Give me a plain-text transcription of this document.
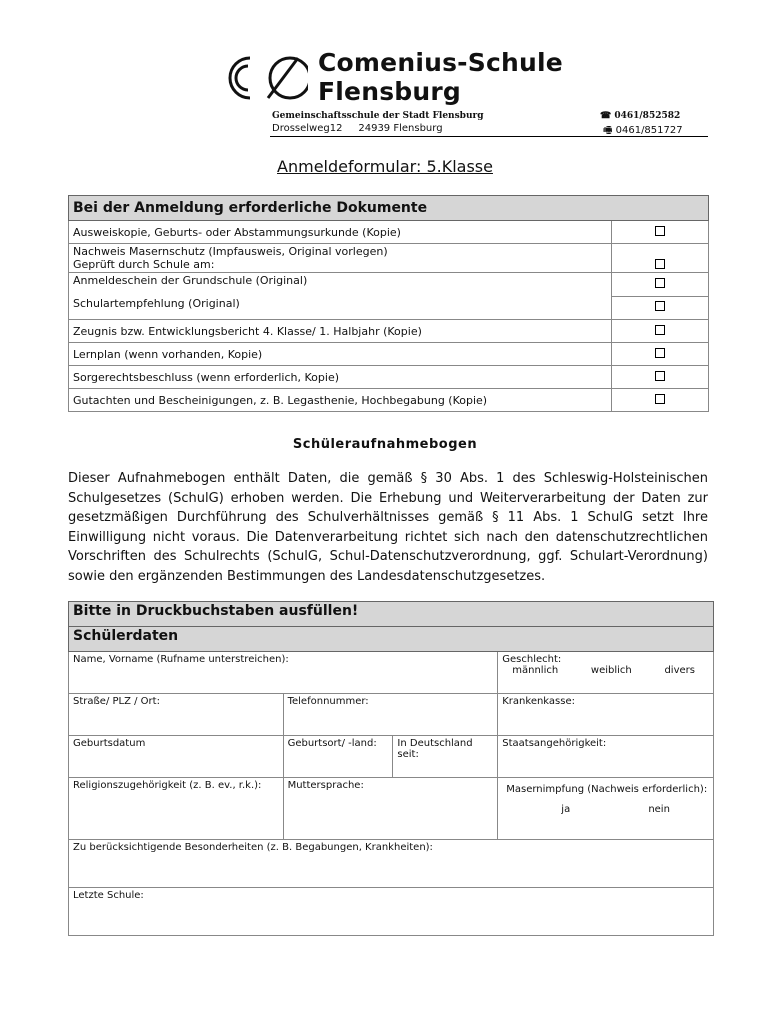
Comenius-Schule
Flensburg
Gemeinschaftsschule der Stadt Flensburg
Drosselweg12     24939 Flensburg
☎ 0461/852582
🖷 0461/851727
Anmeldeformular: 5.Klasse
Bei der Anmeldung erforderliche Dokumente	
Ausweiskopie, Geburts- oder Abstammungsurkunde (Kopie)	

Nachweis Masernschutz (Impfausweis, Original vorlegen)
Geprüft durch Schule am:	

Anmeldeschein der Grundschule (Original)
Schulartempfehlung (Original)	

Zeugnis bzw. Entwicklungsbericht 4. Klasse/ 1. Halbjahr (Kopie)	
Lernplan (wenn vorhanden, Kopie)	
Sorgerechtsbeschluss (wenn erforderlich, Kopie)	
Gutachten und Bescheinigungen, z. B. Legasthenie, Hochbegabung (Kopie)	
Schüleraufnahmebogen
Dieser Aufnahmebogen enthält Daten, die gemäß § 30 Abs. 1 des Schleswig-Holsteinischen Schulgesetzes (SchulG) erhoben werden. Die Erhebung und Weiterverarbeitung der Daten zur gesetzmäßigen Durchführung des Schulverhältnisses gemäß § 11 Abs. 1 SchulG setzt Ihre Einwilligung nicht voraus. Die Datenverarbeitung richtet sich nach den datenschutzrechtlichen Vorschriften des Schulrechts (SchulG, Schul-Datenschutzverordnung, ggf. Schulart-Verordnung) sowie den ergänzenden Bestimmungen des Landesdatenschutzgesetzes.
Bitte in Druckbuchstaben ausfüllen!			
Schülerdaten			
Name, Vorname (Rufname unterstreichen):			Geschlecht:
männlich weiblich divers

Straße/ PLZ / Ort:	Telefonnummer:		Krankenkasse:
Geburtsdatum	Geburtsort/ -land:	In Deutschland seit:	Staatsangehörigkeit:
Religionszugehörigkeit (z. B. ev., r.k.):	Muttersprache:		Masernimpfung (Nachweis erforderlich):
ja nein

Zu berücksichtigende Besonderheiten (z. B. Begabungen, Krankheiten):			
Letzte Schule:			
